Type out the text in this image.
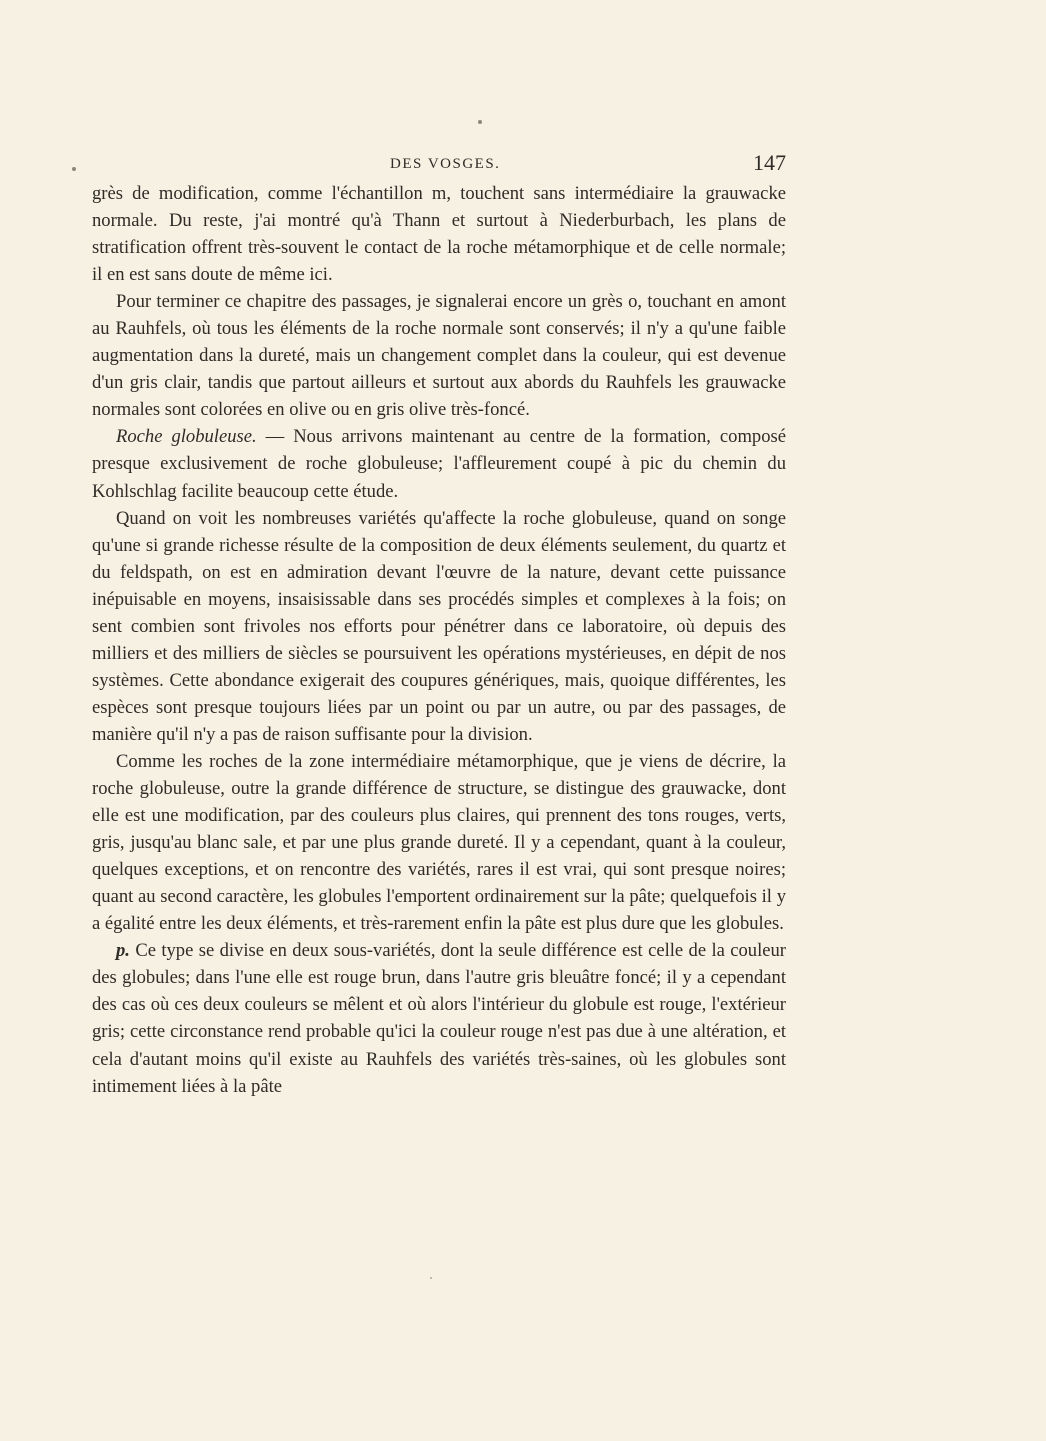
DES VOSGES.	147

grès de modification, comme l'échantillon m, touchent sans intermédiaire la grauwacke normale. Du reste, j'ai montré qu'à Thann et surtout à Niederburbach, les plans de stratification offrent très-souvent le contact de la roche métamorphique et de celle normale; il en est sans doute de même ici.

Pour terminer ce chapitre des passages, je signalerai encore un grès o, touchant en amont au Rauhfels, où tous les éléments de la roche normale sont conservés; il n'y a qu'une faible augmentation dans la dureté, mais un changement complet dans la couleur, qui est devenue d'un gris clair, tandis que partout ailleurs et surtout aux abords du Rauhfels les grauwacke normales sont colorées en olive ou en gris olive très-foncé.

Roche globuleuse. — Nous arrivons maintenant au centre de la formation, composé presque exclusivement de roche globuleuse; l'affleurement coupé à pic du chemin du Kohlschlag facilite beaucoup cette étude.

Quand on voit les nombreuses variétés qu'affecte la roche globuleuse, quand on songe qu'une si grande richesse résulte de la composition de deux éléments seulement, du quartz et du feldspath, on est en admiration devant l'œuvre de la nature, devant cette puissance inépuisable en moyens, insaisissable dans ses procédés simples et complexes à la fois; on sent combien sont frivoles nos efforts pour pénétrer dans ce laboratoire, où depuis des milliers et des milliers de siècles se poursuivent les opérations mystérieuses, en dépit de nos systèmes. Cette abondance exigerait des coupures génériques, mais, quoique différentes, les espèces sont presque toujours liées par un point ou par un autre, ou par des passages, de manière qu'il n'y a pas de raison suffisante pour la division.

Comme les roches de la zone intermédiaire métamorphique, que je viens de décrire, la roche globuleuse, outre la grande différence de structure, se distingue des grauwacke, dont elle est une modification, par des couleurs plus claires, qui prennent des tons rouges, verts, gris, jusqu'au blanc sale, et par une plus grande dureté. Il y a cependant, quant à la couleur, quelques exceptions, et on rencontre des variétés, rares il est vrai, qui sont presque noires; quant au second caractère, les globules l'emportent ordinairement sur la pâte; quelquefois il y a égalité entre les deux éléments, et très-rarement enfin la pâte est plus dure que les globules.

p. Ce type se divise en deux sous-variétés, dont la seule différence est celle de la couleur des globules; dans l'une elle est rouge brun, dans l'autre gris bleuâtre foncé; il y a cependant des cas où ces deux couleurs se mêlent et où alors l'intérieur du globule est rouge, l'extérieur gris; cette circonstance rend probable qu'ici la couleur rouge n'est pas due à une altération, et cela d'autant moins qu'il existe au Rauhfels des variétés très-saines, où les globules sont intimement liées à la pâte
